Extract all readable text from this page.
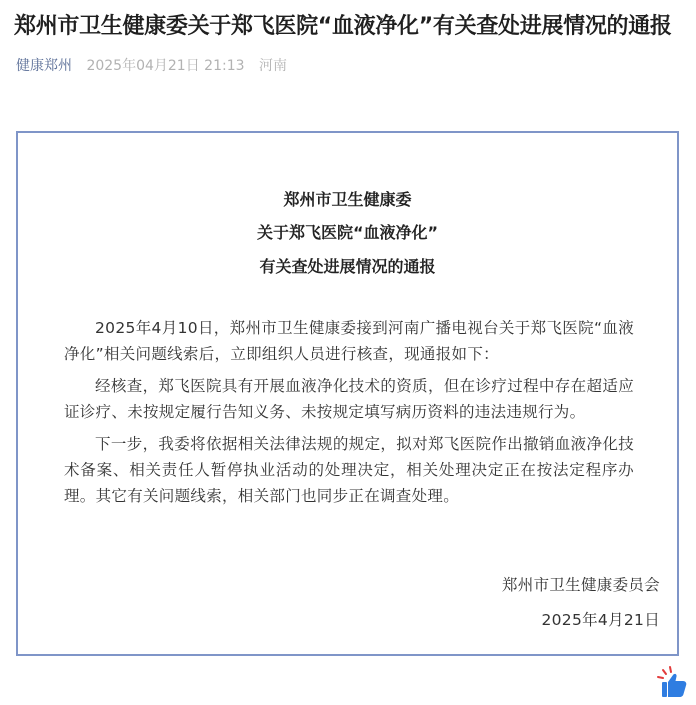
郑州市卫生健康委关于郑飞医院“血液净化”有关查处进展情况的通报
健康郑州 2025年04月21日 21:13 河南
郑州市卫生健康委
关于郑飞医院“血液净化”
有关查处进展情况的通报

2025年4月10日，郑州市卫生健康委接到河南广播电视台关于郑飞医院“血液净化”相关问题线索后，立即组织人员进行核查，现通报如下：

经核查，郑飞医院具有开展血液净化技术的资质，但在诊疗过程中存在超适应证诊疗、未按规定履行告知义务、未按规定填写病历资料的违法违规行为。

下一步，我委将依据相关法律法规的规定，拟对郑飞医院作出撤销血液净化技术备案、相关责任人暂停执业活动的处理决定，相关处理决定正在按法定程序办理。其它有关问题线索，相关部门也同步正在调查处理。

郑州市卫生健康委员会
2025年4月21日
